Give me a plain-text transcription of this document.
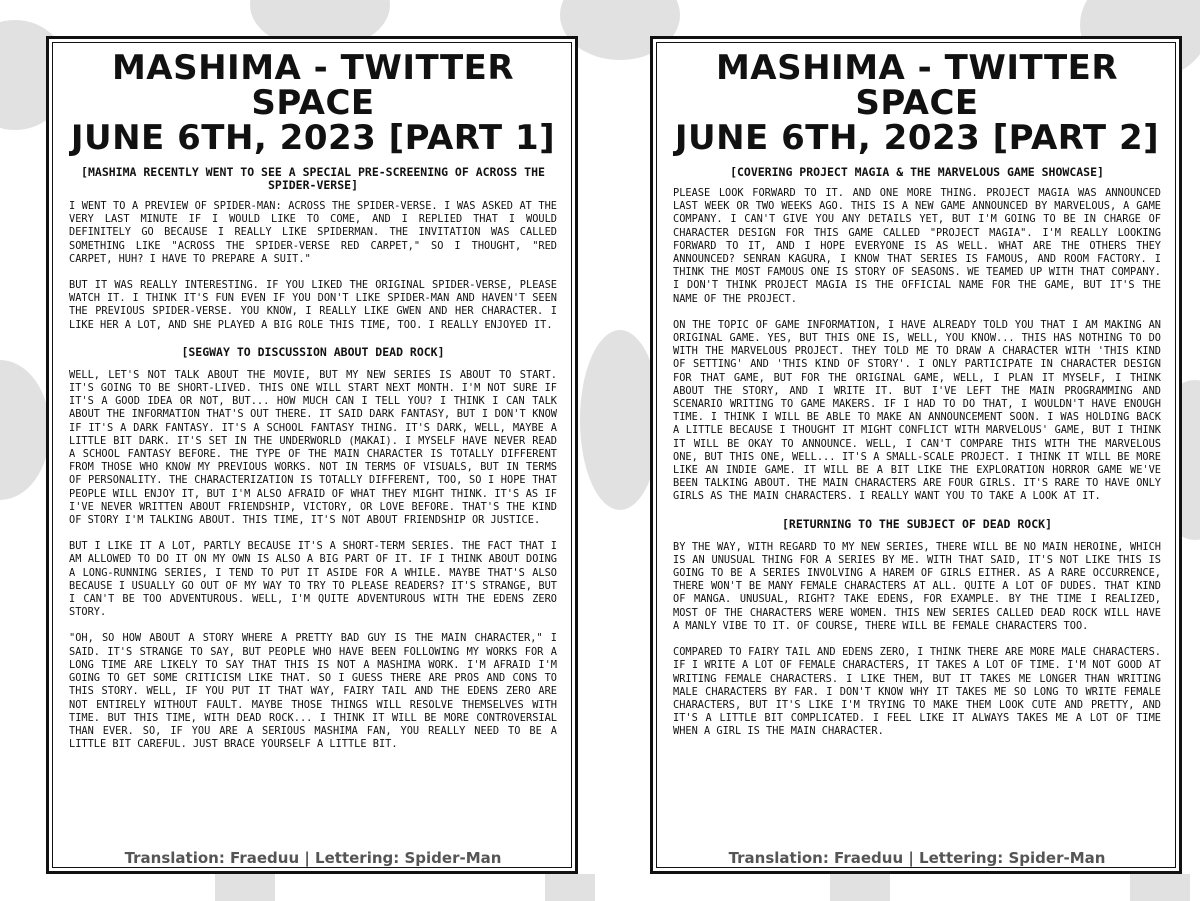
MASHIMA - TWITTER SPACE
JUNE 6TH, 2023 [PART 1]
[MASHIMA RECENTLY WENT TO SEE A SPECIAL PRE-SCREENING OF ACROSS THE SPIDER-VERSE]

I WENT TO A PREVIEW OF SPIDER-MAN: ACROSS THE SPIDER-VERSE. I WAS ASKED AT THE VERY LAST MINUTE IF I WOULD LIKE TO COME, AND I REPLIED THAT I WOULD DEFINITELY GO BECAUSE I REALLY LIKE SPIDERMAN. THE INVITATION WAS CALLED SOMETHING LIKE "ACROSS THE SPIDER-VERSE RED CARPET," SO I THOUGHT, "RED CARPET, HUH? I HAVE TO PREPARE A SUIT."

BUT IT WAS REALLY INTERESTING. IF YOU LIKED THE ORIGINAL SPIDER-VERSE, PLEASE WATCH IT. I THINK IT'S FUN EVEN IF YOU DON'T LIKE SPIDER-MAN AND HAVEN'T SEEN THE PREVIOUS SPIDER-VERSE. YOU KNOW, I REALLY LIKE GWEN AND HER CHARACTER. I LIKE HER A LOT, AND SHE PLAYED A BIG ROLE THIS TIME, TOO. I REALLY ENJOYED IT.

[SEGWAY TO DISCUSSION ABOUT DEAD ROCK]

WELL, LET'S NOT TALK ABOUT THE MOVIE, BUT MY NEW SERIES IS ABOUT TO START. IT'S GOING TO BE SHORT-LIVED. THIS ONE WILL START NEXT MONTH. I'M NOT SURE IF IT'S A GOOD IDEA OR NOT, BUT... HOW MUCH CAN I TELL YOU? I THINK I CAN TALK ABOUT THE INFORMATION THAT'S OUT THERE. IT SAID DARK FANTASY, BUT I DON'T KNOW IF IT'S A DARK FANTASY. IT'S A SCHOOL FANTASY THING. IT'S DARK, WELL, MAYBE A LITTLE BIT DARK. IT'S SET IN THE UNDERWORLD (MAKAI). I MYSELF HAVE NEVER READ A SCHOOL FANTASY BEFORE. THE TYPE OF THE MAIN CHARACTER IS TOTALLY DIFFERENT FROM THOSE WHO KNOW MY PREVIOUS WORKS. NOT IN TERMS OF VISUALS, BUT IN TERMS OF PERSONALITY. THE CHARACTERIZATION IS TOTALLY DIFFERENT, TOO, SO I HOPE THAT PEOPLE WILL ENJOY IT, BUT I'M ALSO AFRAID OF WHAT THEY MIGHT THINK. IT'S AS IF I'VE NEVER WRITTEN ABOUT FRIENDSHIP, VICTORY, OR LOVE BEFORE. THAT'S THE KIND OF STORY I'M TALKING ABOUT. THIS TIME, IT'S NOT ABOUT FRIENDSHIP OR JUSTICE.

BUT I LIKE IT A LOT, PARTLY BECAUSE IT'S A SHORT-TERM SERIES. THE FACT THAT I AM ALLOWED TO DO IT ON MY OWN IS ALSO A BIG PART OF IT. IF I THINK ABOUT DOING A LONG-RUNNING SERIES, I TEND TO PUT IT ASIDE FOR A WHILE. MAYBE THAT'S ALSO BECAUSE I USUALLY GO OUT OF MY WAY TO TRY TO PLEASE READERS? IT'S STRANGE, BUT I CAN'T BE TOO ADVENTUROUS. WELL, I'M QUITE ADVENTUROUS WITH THE EDENS ZERO STORY.

"OH, SO HOW ABOUT A STORY WHERE A PRETTY BAD GUY IS THE MAIN CHARACTER," I SAID. IT'S STRANGE TO SAY, BUT PEOPLE WHO HAVE BEEN FOLLOWING MY WORKS FOR A LONG TIME ARE LIKELY TO SAY THAT THIS IS NOT A MASHIMA WORK. I'M AFRAID I'M GOING TO GET SOME CRITICISM LIKE THAT. SO I GUESS THERE ARE PROS AND CONS TO THIS STORY. WELL, IF YOU PUT IT THAT WAY, FAIRY TAIL AND THE EDENS ZERO ARE NOT ENTIRELY WITHOUT FAULT. MAYBE THOSE THINGS WILL RESOLVE THEMSELVES WITH TIME. BUT THIS TIME, WITH DEAD ROCK... I THINK IT WILL BE MORE CONTROVERSIAL THAN EVER. SO, IF YOU ARE A SERIOUS MASHIMA FAN, YOU REALLY NEED TO BE A LITTLE BIT CAREFUL. JUST BRACE YOURSELF A LITTLE BIT.

Translation: Fraeduu | Lettering: Spider-Man
MASHIMA - TWITTER SPACE
JUNE 6TH, 2023 [PART 2]
[COVERING PROJECT MAGIA & THE MARVELOUS GAME SHOWCASE]

PLEASE LOOK FORWARD TO IT. AND ONE MORE THING. PROJECT MAGIA WAS ANNOUNCED LAST WEEK OR TWO WEEKS AGO. THIS IS A NEW GAME ANNOUNCED BY MARVELOUS, A GAME COMPANY. I CAN'T GIVE YOU ANY DETAILS YET, BUT I'M GOING TO BE IN CHARGE OF CHARACTER DESIGN FOR THIS GAME CALLED "PROJECT MAGIA". I'M REALLY LOOKING FORWARD TO IT, AND I HOPE EVERYONE IS AS WELL. WHAT ARE THE OTHERS THEY ANNOUNCED? SENRAN KAGURA, I KNOW THAT SERIES IS FAMOUS, AND ROOM FACTORY. I THINK THE MOST FAMOUS ONE IS STORY OF SEASONS. WE TEAMED UP WITH THAT COMPANY. I DON'T THINK PROJECT MAGIA IS THE OFFICIAL NAME FOR THE GAME, BUT IT'S THE NAME OF THE PROJECT.

ON THE TOPIC OF GAME INFORMATION, I HAVE ALREADY TOLD YOU THAT I AM MAKING AN ORIGINAL GAME. YES, BUT THIS ONE IS, WELL, YOU KNOW... THIS HAS NOTHING TO DO WITH THE MARVELOUS PROJECT. THEY TOLD ME TO DRAW A CHARACTER WITH 'THIS KIND OF SETTING' AND 'THIS KIND OF STORY'. I ONLY PARTICIPATE IN CHARACTER DESIGN FOR THAT GAME, BUT FOR THE ORIGINAL GAME, WELL, I PLAN IT MYSELF, I THINK ABOUT THE STORY, AND I WRITE IT. BUT I'VE LEFT THE MAIN PROGRAMMING AND SCENARIO WRITING TO GAME MAKERS. IF I HAD TO DO THAT, I WOULDN'T HAVE ENOUGH TIME. I THINK I WILL BE ABLE TO MAKE AN ANNOUNCEMENT SOON. I WAS HOLDING BACK A LITTLE BECAUSE I THOUGHT IT MIGHT CONFLICT WITH MARVELOUS' GAME, BUT I THINK IT WILL BE OKAY TO ANNOUNCE. WELL, I CAN'T COMPARE THIS WITH THE MARVELOUS ONE, BUT THIS ONE, WELL... IT'S A SMALL-SCALE PROJECT. I THINK IT WILL BE MORE LIKE AN INDIE GAME. IT WILL BE A BIT LIKE THE EXPLORATION HORROR GAME WE'VE BEEN TALKING ABOUT. THE MAIN CHARACTERS ARE FOUR GIRLS. IT'S RARE TO HAVE ONLY GIRLS AS THE MAIN CHARACTERS. I REALLY WANT YOU TO TAKE A LOOK AT IT.

[RETURNING TO THE SUBJECT OF DEAD ROCK]

BY THE WAY, WITH REGARD TO MY NEW SERIES, THERE WILL BE NO MAIN HEROINE, WHICH IS AN UNUSUAL THING FOR A SERIES BY ME. WITH THAT SAID, IT'S NOT LIKE THIS IS GOING TO BE A SERIES INVOLVING A HAREM OF GIRLS EITHER. AS A RARE OCCURRENCE, THERE WON'T BE MANY FEMALE CHARACTERS AT ALL. QUITE A LOT OF DUDES. THAT KIND OF MANGA. UNUSUAL, RIGHT? TAKE EDENS, FOR EXAMPLE. BY THE TIME I REALIZED, MOST OF THE CHARACTERS WERE WOMEN. THIS NEW SERIES CALLED DEAD ROCK WILL HAVE A MANLY VIBE TO IT. OF COURSE, THERE WILL BE FEMALE CHARACTERS TOO.

COMPARED TO FAIRY TAIL AND EDENS ZERO, I THINK THERE ARE MORE MALE CHARACTERS. IF I WRITE A LOT OF FEMALE CHARACTERS, IT TAKES A LOT OF TIME. I'M NOT GOOD AT WRITING FEMALE CHARACTERS. I LIKE THEM, BUT IT TAKES ME LONGER THAN WRITING MALE CHARACTERS BY FAR. I DON'T KNOW WHY IT TAKES ME SO LONG TO WRITE FEMALE CHARACTERS, BUT IT'S LIKE I'M TRYING TO MAKE THEM LOOK CUTE AND PRETTY, AND IT'S A LITTLE BIT COMPLICATED. I FEEL LIKE IT ALWAYS TAKES ME A LOT OF TIME WHEN A GIRL IS THE MAIN CHARACTER.

Translation: Fraeduu | Lettering: Spider-Man
